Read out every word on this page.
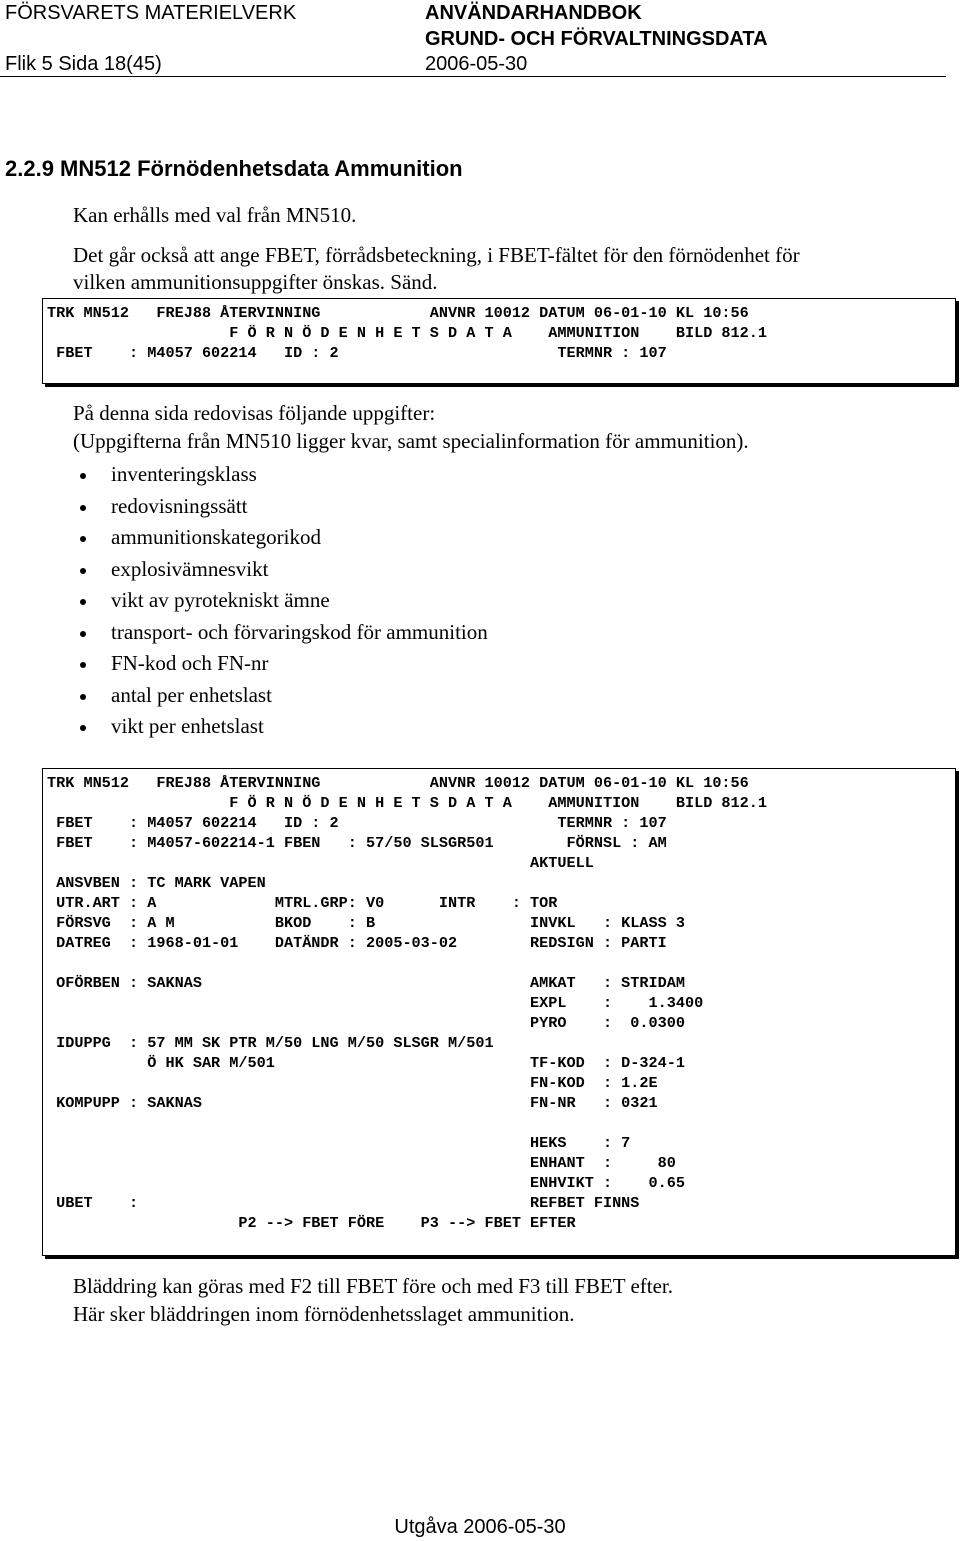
FÖRSVARETS MATERIELVERK	ANVÄNDARHANDBOK
GRUND- OCH FÖRVALTNINGSDATA
Flik 5 Sida 18(45)	2006-05-30
2.2.9 MN512 Förnödenhetsdata Ammunition
Kan erhålls med val från MN510.
Det går också att ange FBET, förrådsbeteckning, i FBET-fältet för den förnödenhet för
vilken ammunitionsuppgifter önskas. Sänd.
TRK MN512   FREJ88 ÅTERVINNING            ANVNR 10012 DATUM 06-01-10 KL 10:56
F Ö R N Ö D E N H E T S D A T A    AMMUNITION    BILD 812.1
FBET    : M4057 602214   ID : 2                        TERMNR : 107
På denna sida redovisas följande uppgifter:
(Uppgifterna från MN510 ligger kvar, samt specialinformation för ammunition).
inventeringsklass
redovisningssätt
ammunitionskategorikod
explosivämnesvikt
vikt av pyrotekniskt ämne
transport- och förvaringskod för ammunition
FN-kod och FN-nr
antal per enhetslast
vikt per enhetslast
TRK MN512   FREJ88 ÅTERVINNING            ANVNR 10012 DATUM 06-01-10 KL 10:56
F Ö R N Ö D E N H E T S D A T A    AMMUNITION    BILD 812.1
FBET    : M4057 602214   ID : 2                        TERMNR : 107
FBET    : M4057-602214-1 FBEN   : 57/50 SLSGR501        FÖRNSL : AM
AKTUELL
ANSVBEN : TC MARK VAPEN
UTR.ART : A             MTRL.GRP: V0      INTR    : TOR
FÖRSVG  : A M           BKOD    : B                 INVKL   : KLASS 3
DATREG  : 1968-01-01    DATÄNDR : 2005-03-02        REDSIGN : PARTI
OFÖRBEN : SAKNAS                                    AMKAT   : STRIDAM
EXPL    :    1.3400
PYRO    :  0.0300
IDUPPG  : 57 MM SK PTR M/50 LNG M/50 SLSGR M/501
Ö HK SAR M/501                            TF-KOD  : D-324-1
FN-KOD  : 1.2E
KOMPUPP : SAKNAS                                    FN-NR   : 0321
HEKS    : 7
ENHANT  :     80
ENHVIKT :    0.65
UBET    :                                           REFBET FINNS
P2 --> FBET FÖRE    P3 --> FBET EFTER
Bläddring kan göras med F2 till FBET före och med F3 till FBET efter.
Här sker bläddringen inom förnödenhetsslaget ammunition.
Utgåva 2006-05-30
